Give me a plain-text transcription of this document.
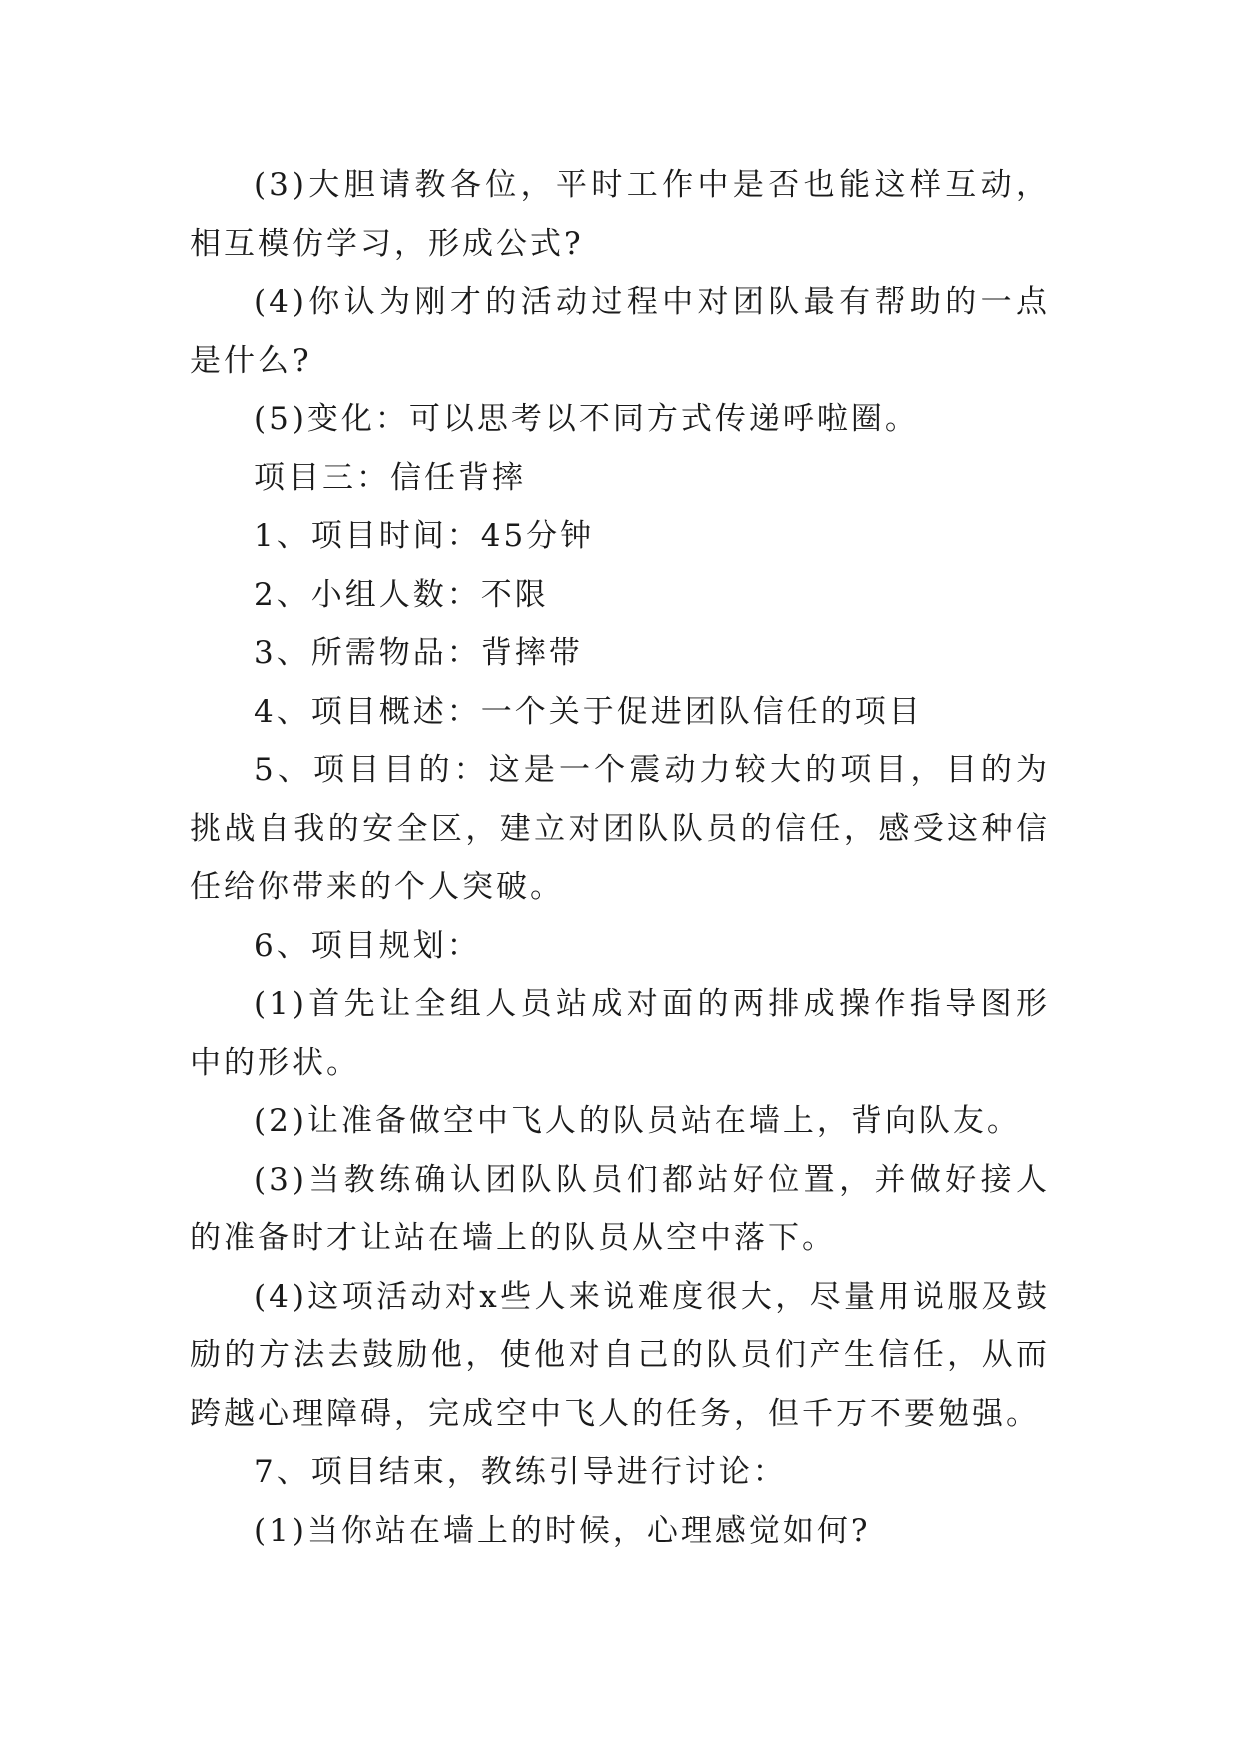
(3)大胆请教各位，平时工作中是否也能这样互动，相互模仿学习，形成公式?

(4)你认为刚才的活动过程中对团队最有帮助的一点是什么?

(5)变化：可以思考以不同方式传递呼啦圈。

项目三：信任背摔

1、项目时间：45分钟

2、小组人数：不限

3、所需物品：背摔带

4、项目概述：一个关于促进团队信任的项目

5、项目目的：这是一个震动力较大的项目，目的为挑战自我的安全区，建立对团队队员的信任，感受这种信任给你带来的个人突破。

6、项目规划：

(1)首先让全组人员站成对面的两排成操作指导图形中的形状。

(2)让准备做空中飞人的队员站在墙上，背向队友。

(3)当教练确认团队队员们都站好位置，并做好接人的准备时才让站在墙上的队员从空中落下。

(4)这项活动对x些人来说难度很大，尽量用说服及鼓励的方法去鼓励他，使他对自己的队员们产生信任，从而跨越心理障碍，完成空中飞人的任务，但千万不要勉强。

7、项目结束，教练引导进行讨论：

(1)当你站在墙上的时候，心理感觉如何?
